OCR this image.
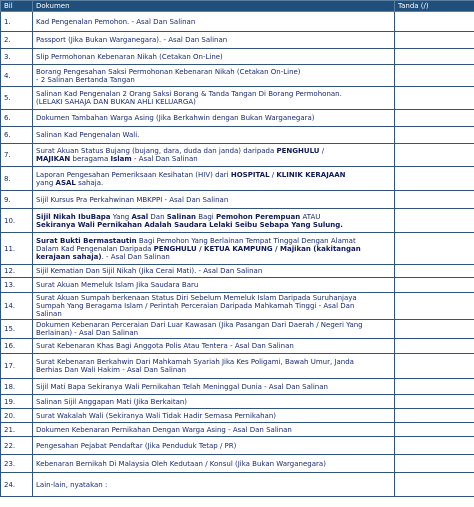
Bil	Dokumen	Tanda (/)
1.	Kad Pengenalan Pemohon. - Asal Dan Salinan	

2.	Passport (Jika Bukan Warganegara). - Asal Dan Salinan	

3.	Slip Permohonan Kebenaran Nikah (Cetakan On-Line)	

4.	Borang Pengesahan Saksi Permohonan Kebenaran Nikah (Cetakan On-Line)
- 2 Salinan Bertanda Tangan	

5.	Salinan Kad Pengenalan 2 Orang Saksi Borang & Tanda Tangan Di Borang Permohonan.
(LELAKI SAHAJA DAN BUKAN AHLI KELUARGA)	

6.	Dokumen Tambahan Warga Asing (Jika Berkahwin dengan Bukan Warganegara)	

6.	Salinan Kad Pengenalan Wali.	

7.	Surat Akuan Status Bujang (bujang, dara, duda dan janda) daripada PENGHULU /
MAJIKAN beragama Islam - Asal Dan Salinan	

8.	Laporan Pengesahan Pemeriksaan Kesihatan (HIV) dari HOSPITAL / KLINIK KERAJAAN
yang ASAL sahaja.	

9.	Sijil Kursus Pra Perkahwinan MBKPPI - Asal Dan Salinan	

10.	Sijil Nikah IbuBapa Yang Asal Dan Salinan Bagi Pemohon Perempuan ATAU
Sekiranya Wali Pernikahan Adalah Saudara Lelaki Seibu Sebapa Yang Sulung.	

11.	Surat Bukti Bermastautin Bagi Pemohon Yang Berlainan Tempat Tinggal Dengan Alamat
Dalam Kad Pengenalan Daripada PENGHULU / KETUA KAMPUNG / Majikan (kakitangan
kerajaan sahaja). - Asal Dan Salinan	

12.	Sijil Kematian Dan Sijil Nikah (Jika Cerai Mati). - Asal Dan Salinan	

13.	Surat Akuan Memeluk Islam Jika Saudara Baru	

14.	Surat Akuan Sumpah berkenaan Status Diri Sebelum Memeluk Islam Daripada Suruhanjaya
Sumpah Yang Beragama Islam / Perintah Perceraian Daripada Mahkamah Tinggi - Asal Dan
Salinan	

15.	Dokumen Kebenaran Perceraian Dari Luar Kawasan (Jika Pasangan Dari Daerah / Negeri Yang
Berlainan) - Asal Dan Salinan	

16.	Surat Kebenaran Khas Bagi Anggota Polis Atau Tentera - Asal Dan Salinan	

17.	Surat Kebenaran Berkahwin Dari Mahkamah Syariah Jika Kes Poligami, Bawah Umur, Janda
Berhias Dan Wali Hakim - Asal Dan Salinan	

18.	Sijil Mati Bapa Sekiranya Wali Pernikahan Telah Meninggal Dunia - Asal Dan Salinan	

19.	Salinan Sijil Anggapan Mati (Jika Berkaitan)	

20.	Surat Wakalah Wali (Sekiranya Wali Tidak Hadir Semasa Pernikahan)	

21.	Dokumen Kebenaran Pernikahan Dengan Warga Asing - Asal Dan Salinan	

22.	Pengesahan Pejabat Pendaftar (Jika Penduduk Tetap / PR)	

23.	Kebenaran Bernikah Di Malaysia Oleh Kedutaan / Konsul (Jika Bukan Warganegara)	

24.	Lain-lain, nyatakan :	
